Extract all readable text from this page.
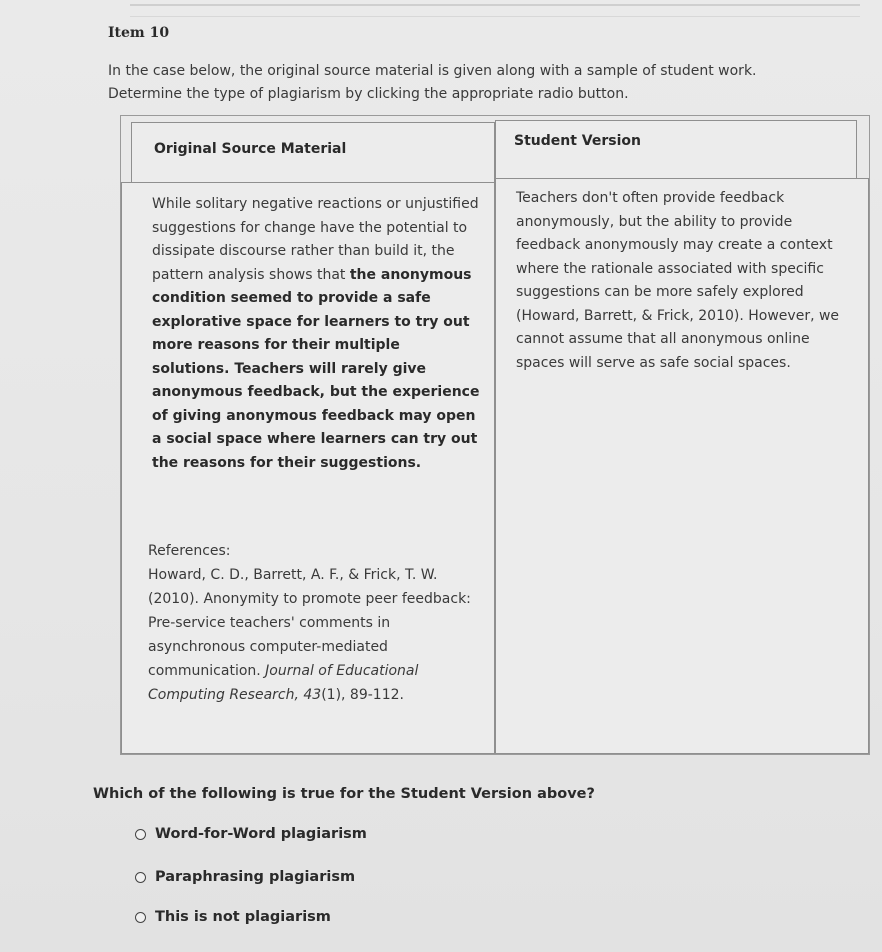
Item 10
In the case below, the original source material is given along with a sample of student work.
Determine the type of plagiarism by clicking the appropriate radio button.
Original Source Material	Student Version
While solitary negative reactions or unjustified suggestions for change have the potential to dissipate discourse rather than build it, the pattern analysis shows that the anonymous condition seemed to provide a safe explorative space for learners to try out more reasons for their multiple solutions. Teachers will rarely give anonymous feedback, but the experience of giving anonymous feedback may open a social space where learners can try out the reasons for their suggestions.
References:
Howard, C. D., Barrett, A. F., & Frick, T. W. (2010). Anonymity to promote peer feedback: Pre-service teachers' comments in asynchronous computer-mediated communication. Journal of Educational Computing Research, 43(1), 89-112.
Teachers don't often provide feedback anonymously, but the ability to provide feedback anonymously may create a context where the rationale associated with specific suggestions can be more safely explored (Howard, Barrett, & Frick, 2010). However, we cannot assume that all anonymous online spaces will serve as safe social spaces.
Which of the following is true for the Student Version above?
Word-for-Word plagiarism
Paraphrasing plagiarism
This is not plagiarism
